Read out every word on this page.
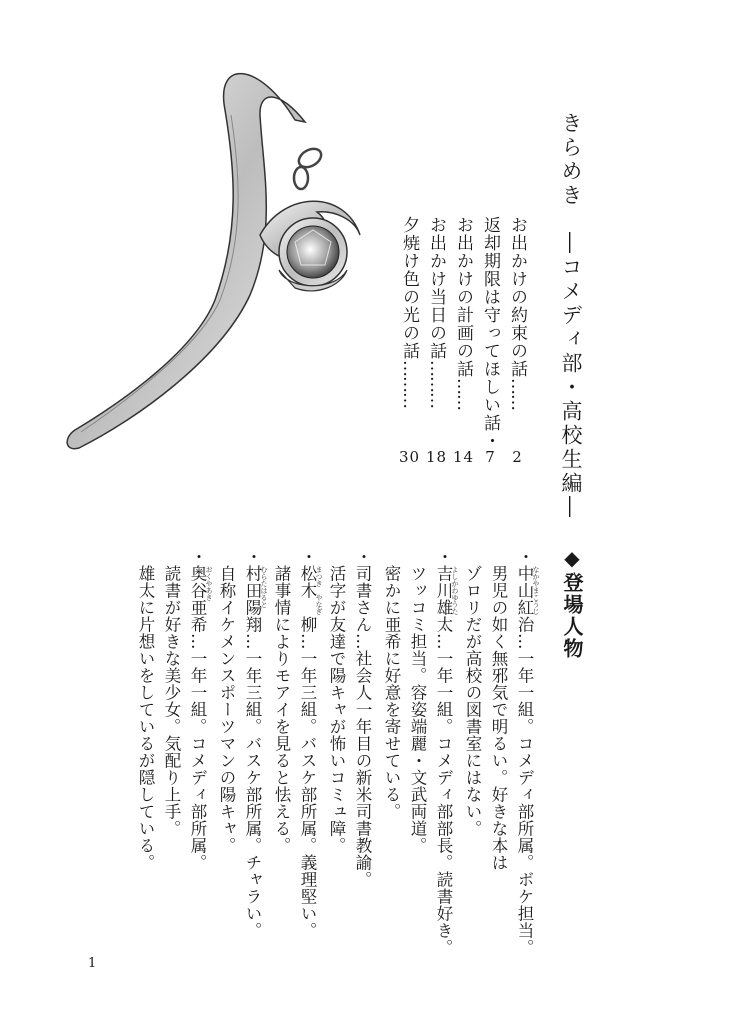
きらめき　―コメディ部・高校生編―
お出かけの約束の話……
2
返却期限は守ってほしい話・
7
お出かけの計画の話……
14
お出かけ当日の話………
18
夕焼け色の光の話………
30
◆登場人物
・中山紅治…一年一組。コメディ部所属。ボケ担当。
　男児の如く無邪気で明るい。好きな本は
　ゾロリだが高校の図書室にはない。
・吉川雄太…一年一組。コメディ部部長。読書好き。
　ツッコミ担当。容姿端麗・文武両道。
　密かに亜希に好意を寄せている。
・司書さん…社会人一年目の新米司書教諭。
　活字が友達で陽キャが怖いコミュ障。
・松木　柳…一年三組。バスケ部所属。義理堅い。
　諸事情によりモアイを見ると怯える。
・村田陽翔…一年三組。バスケ部所属。チャラい。
　自称イケメンスポーツマンの陽キャ。
・奥谷亜希…一年一組。コメディ部所属。
　読書が好きな美少女。気配り上手。
　雄太に片想いをしているが隠している。	なかやまこうじ
よしかわゆうた
まつき　やなぎ
むらたはると
おくやあき
1
